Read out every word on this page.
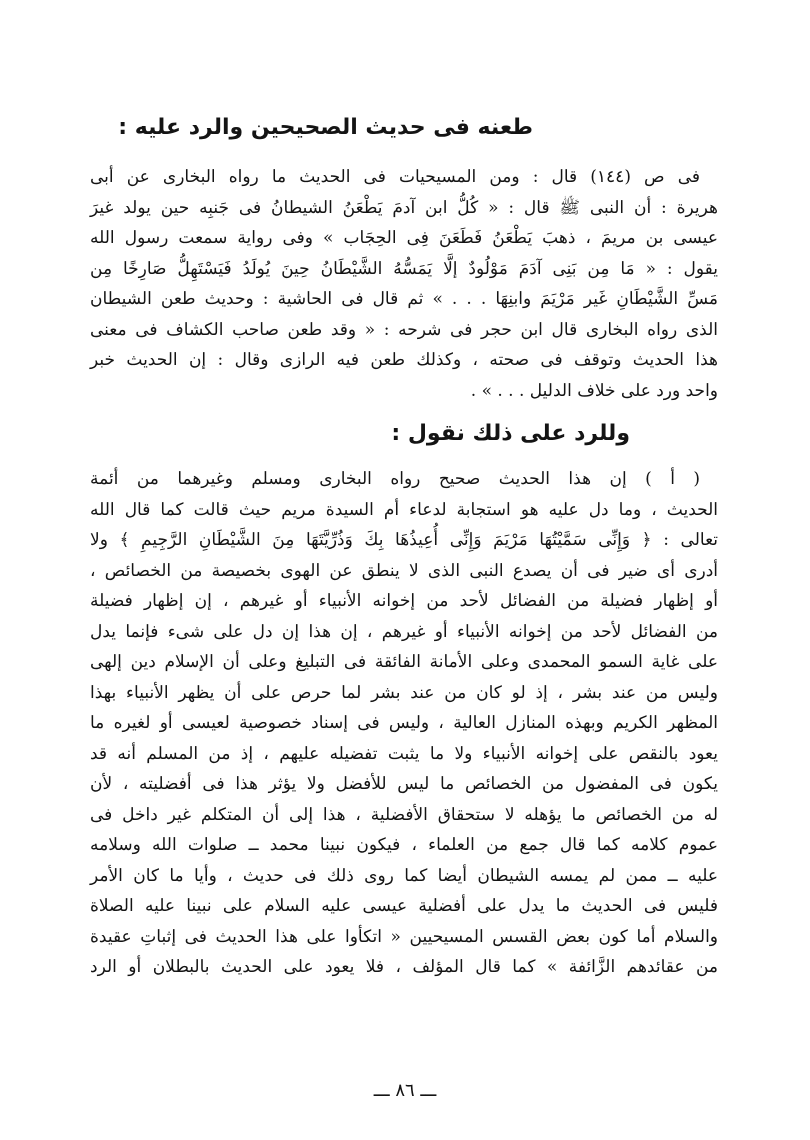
طعنه فى حديث الصحيحين والرد عليه :
فى ص (١٤٤) قال : ومن المسيحيات فى الحديث ما رواه البخارى عن أبى
هريرة : أن النبى ﷺ قال : « كُلُّ ابن آدمَ يَطْعَنُ الشيطانُ فى جَنبِه حين يولد غيرَ
عيسى بن مريمَ ، ذهبَ يَطْعَنُ فَطَعَنَ فِى الحِجَاب » وفى رواية سمعت رسول الله
يقول : « مَا مِن بَنِى آدَمَ مَوْلُودٌ إلَّا يَمَسُّهُ الشَّيْطَانُ حِينَ يُولَدُ فَيَسْتَهِلُّ صَارِخًا مِن
مَسِّ الشَّيْطَانِ غَير مَرْيَمَ وابنِهَا . . . » ثم قال فى الحاشية : وحديث طعن الشيطان
الذى رواه البخارى قال ابن حجر فى شرحه : « وقد طعن صاحب الكشاف فى معنى
هذا الحديث وتوقف فى صحته ، وكذلك طعن فيه الرازى وقال : إن الحديث خبر
واحد ورد على خلاف الدليل . . . » .
وللرد على ذلك نقول :
( أ ) إن هذا الحديث صحيح رواه البخارى ومسلم وغيرهما من أئمة
الحديث ، وما دل عليه هو استجابة لدعاء أم السيدة مريم حيث قالت كما قال الله
تعالى : ﴿ وَإِنِّى سَمَّيْتُهَا مَرْيَمَ وَإِنِّى أُعِيذُهَا بِكَ وَذُرِّيَّتَهَا مِنَ الشَّيْطَانِ الرَّجِيمِ ﴾ ولا
أدرى أى ضير فى أن يصدع النبى الذى لا ينطق عن الهوى بخصيصة من الخصائص ،
أو إظهار فضيلة من الفضائل لأحد من إخوانه الأنبياء أو غيرهم ، إن إظهار فضيلة
من الفضائل لأحد من إخوانه الأنبياء أو غيرهم ، إن هذا إن دل على شىء فإنما يدل
على غاية السمو المحمدى وعلى الأمانة الفائقة فى التبليغ وعلى أن الإسلام دين إلهى
وليس من عند بشر ، إذ لو كان من عند بشر لما حرص على أن يظهر الأنبياء بهذا
المظهر الكريم وبهذه المنازل العالية ، وليس فى إسناد خصوصية لعيسى أو لغيره ما
يعود بالنقص على إخوانه الأنبياء ولا ما يثبت تفضيله عليهم ، إذ من المسلم أنه قد
يكون فى المفضول من الخصائص ما ليس للأفضل ولا يؤثر هذا فى أفضليته ، لأن
له من الخصائص ما يؤهله لا ستحقاق الأفضلية ، هذا إلى أن المتكلم غير داخل فى
عموم كلامه كما قال جمع من العلماء ، فيكون نبينا محمد ــ صلوات الله وسلامه
عليه ــ ممن لم يمسه الشيطان أيضا كما روى ذلك فى حديث ، وأيا ما كان الأمر
فليس فى الحديث ما يدل على أفضلية عيسى عليه السلام على نبينا عليه الصلاة
والسلام أما كون بعض القسس المسيحيين « اتكأوا على هذا الحديث فى إثباتِ عقيدة
من عقائدهم الزَّائفة » كما قال المؤلف ، فلا يعود على الحديث بالبطلان أو الرد
ـــ ٨٦ ـــ
